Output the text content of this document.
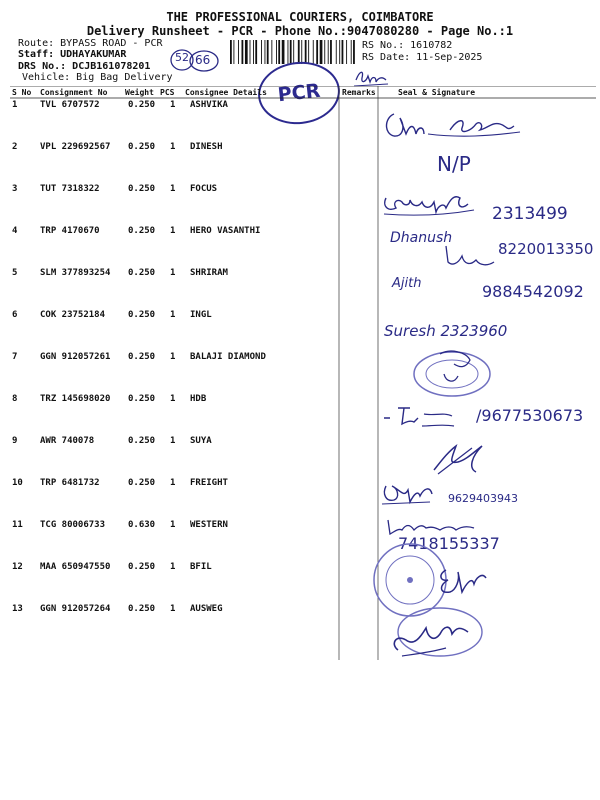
THE PROFESSIONAL COURIERS, COIMBATORE
Delivery Runsheet - PCR - Phone No.:9047080280 - Page No.:1
Route: BYPASS ROAD - PCR
Staff: UDHAYAKUMAR
DRS No.: DCJB161078201
Vehicle: Big Bag Delivery
RS No.: 1610782
RS Date: 11-Sep-2025
52 66
PCR
S No Consignment No Weight PCS Consignee Details	Remarks	Seal & Signature
1	TVL 6707572	0.250 1 ASHVIKA
2	VPL 229692567 0.250 1 DINESH
3	TUT 7318322	0.250 1 FOCUS
4	TRP 4170670	0.250 1 HERO VASANTHI
5	SLM 377893254 0.250 1 SHRIRAM
6	COK 23752184	0.250 1 INGL
7	GGN 912057261 0.250 1 BALAJI DIAMOND
8	TRZ 145698020 0.250 1 HDB
9	AWR 740078	0.250 1 SUYA
10 TRP 6481732	0.250 1 FREIGHT
11 TCG 80006733	0.630 1 WESTERN
12 MAA 650947550 0.250 1 BFIL
13 GGN 912057264 0.250 1 AUSWEG
N/P
2313499
Dhanush
8220013350
Ajith	9884542092
Suresh 2323960
/9677530673
9629403943
7418155337
